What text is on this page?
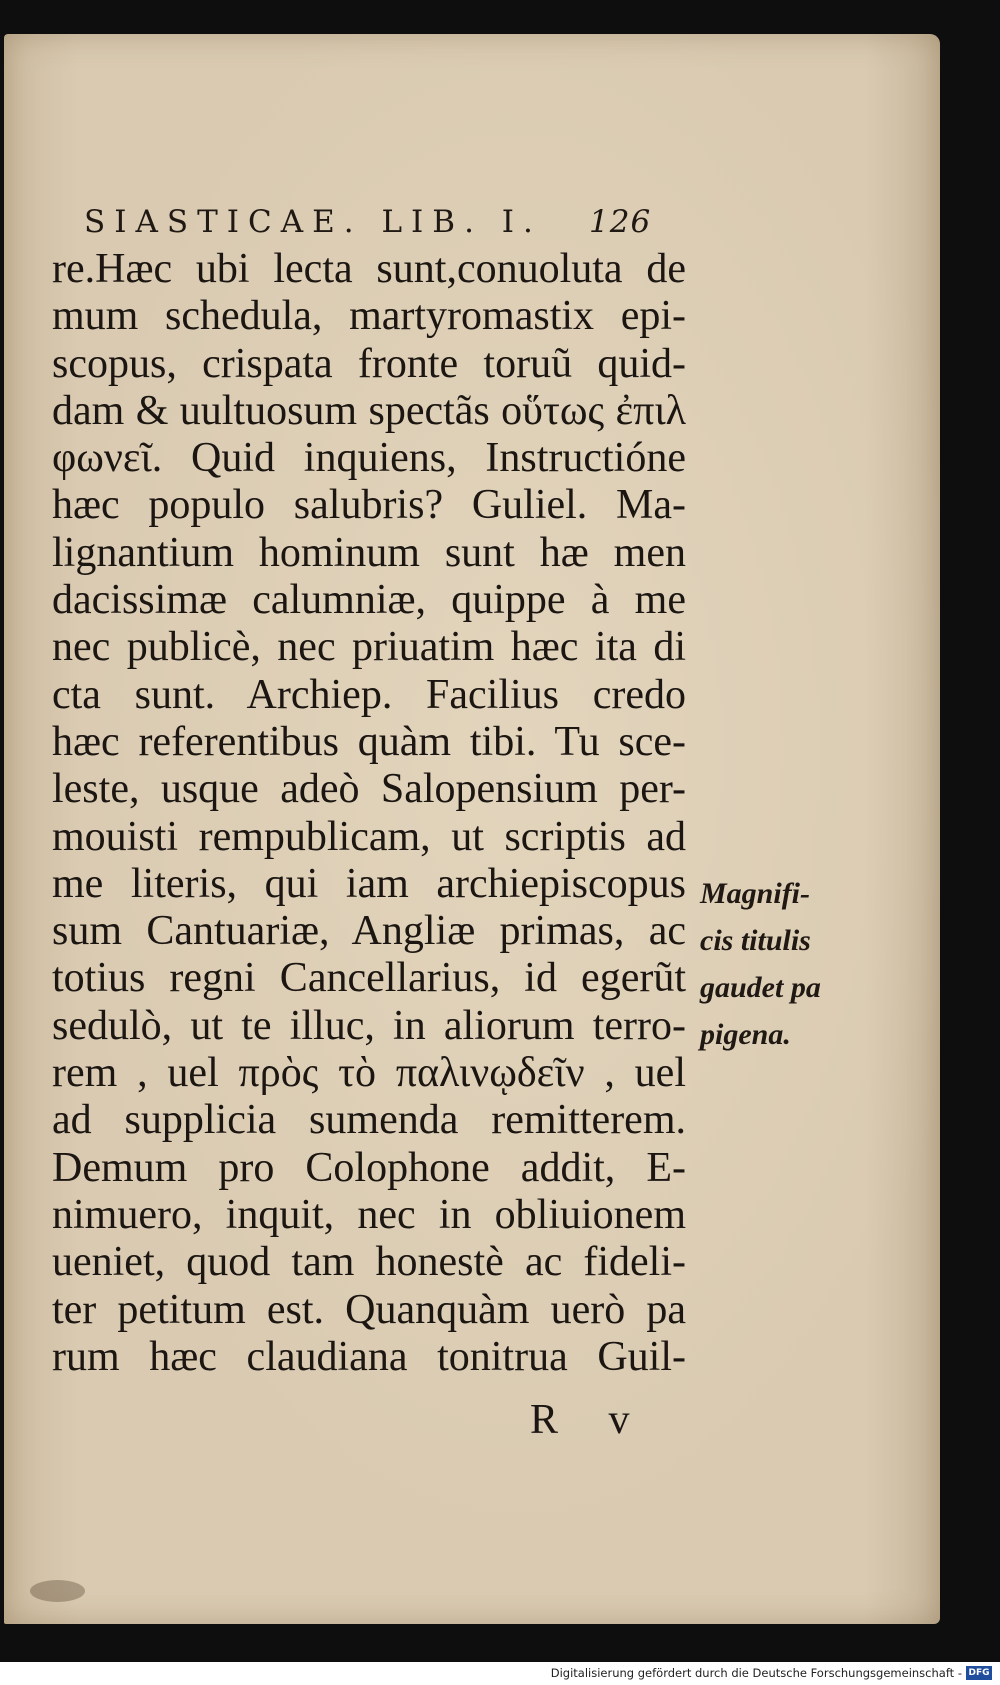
SIASTICAE. LIB. I. 126
re.Hæc ubi lecta sunt,conuoluta de
mum schedula, martyromastix epi-
scopus, crispata fronte toruũ quid-
dam & uultuosum spectãs οὕτως ἐπιλ
φωνεῖ. Quid inquiens, Instructióne
hæc populo salubris? Guliel. Ma-
lignantium hominum sunt hæ men
dacissimæ calumniæ, quippe à me
nec publicè, nec priuatim hæc ita di
cta sunt. Archiep. Facilius credo
hæc referentibus quàm tibi. Tu sce-
leste, usque adeò Salopensium per-
mouisti rempublicam, ut scriptis ad
me literis, qui iam archiepiscopus
sum Cantuariæ, Angliæ primas, ac
totius regni Cancellarius, id egerũt
sedulò, ut te illuc, in aliorum terro-
rem , uel πρὸς τὸ παλινῳδεῖν , uel
ad supplicia sumenda remitterem.
Demum pro Colophone addit, E-
nimuero, inquit, nec in obliuionem
ueniet, quod tam honestè ac fideli-
ter petitum est. Quanquàm uerò pa
rum hæc claudiana tonitrua Guil-
Magnifi-
cis titulis
gaudet pa
pigena.
R v
Digitalisierung gefördert durch die Deutsche Forschungsgemeinschaft - DFG
